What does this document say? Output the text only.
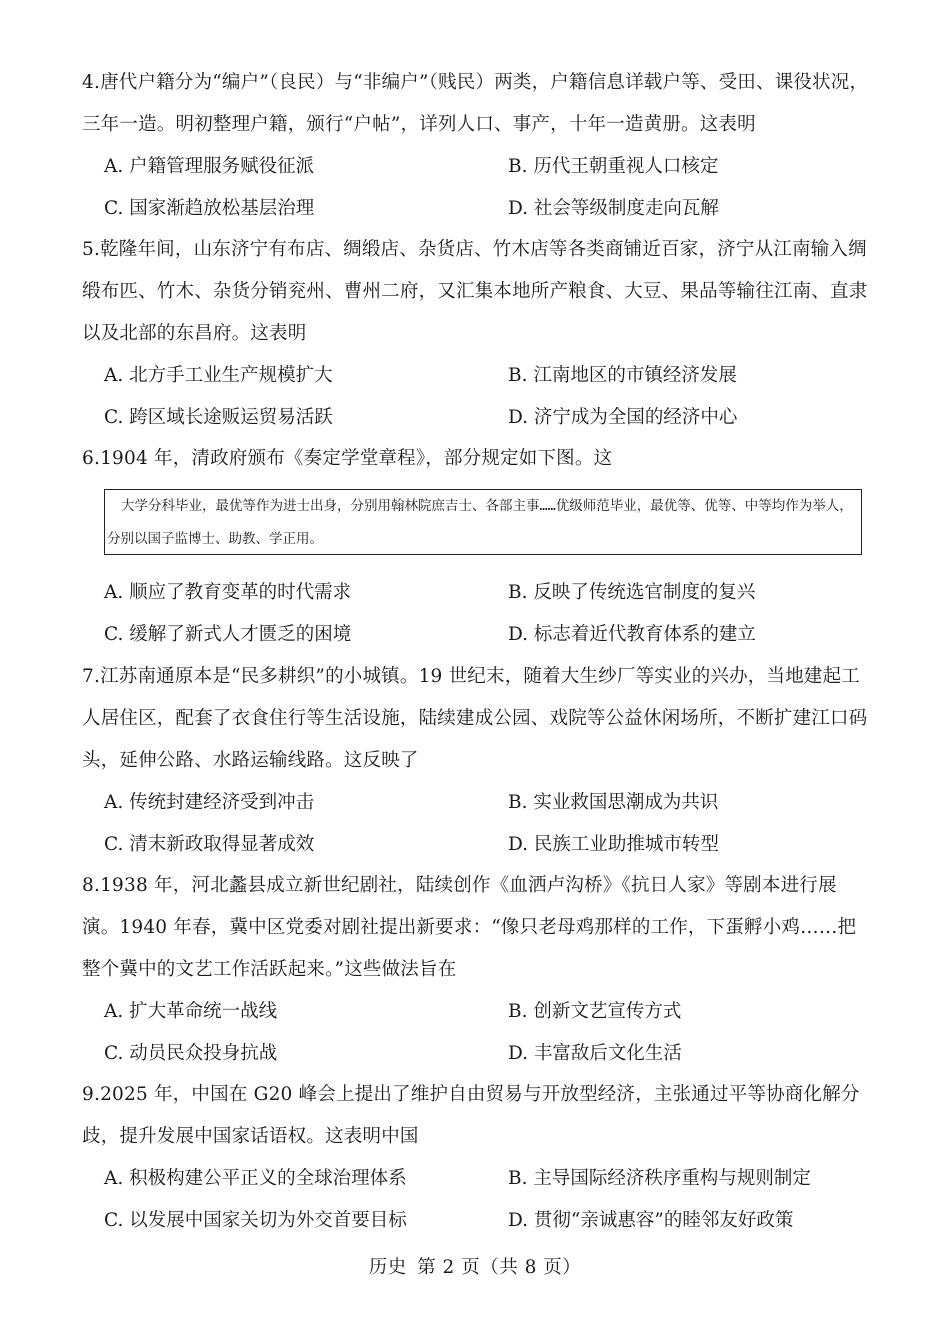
4.唐代户籍分为“编户”（良民）与“非编户”（贱民）两类，户籍信息详载户等、受田、课役状况，三年一造。明初整理户籍，颁行“户帖”，详列人口、事产，十年一造黄册。这表明
A. 户籍管理服务赋役征派	B. 历代王朝重视人口核定
C. 国家渐趋放松基层治理	D. 社会等级制度走向瓦解
5.乾隆年间，山东济宁有布店、绸缎店、杂货店、竹木店等各类商铺近百家，济宁从江南输入绸缎布匹、竹木、杂货分销兖州、曹州二府，又汇集本地所产粮食、大豆、果品等输往江南、直隶以及北部的东昌府。这表明
A. 北方手工业生产规模扩大	B. 江南地区的市镇经济发展
C. 跨区域长途贩运贸易活跃	D. 济宁成为全国的经济中心
6.1904 年，清政府颁布《奏定学堂章程》，部分规定如下图。这
大学分科毕业，最优等作为进士出身，分别用翰林院庶吉士、各部主事……优级师范毕业，最优等、优等、中等均作为举人，分别以国子监博士、助教、学正用。
A. 顺应了教育变革的时代需求	B. 反映了传统选官制度的复兴
C. 缓解了新式人才匮乏的困境	D. 标志着近代教育体系的建立
7.江苏南通原本是“民多耕织”的小城镇。19 世纪末，随着大生纱厂等实业的兴办，当地建起工人居住区，配套了衣食住行等生活设施，陆续建成公园、戏院等公益休闲场所，不断扩建江口码头，延伸公路、水路运输线路。这反映了
A. 传统封建经济受到冲击	B. 实业救国思潮成为共识
C. 清末新政取得显著成效	D. 民族工业助推城市转型
8.1938 年，河北蠡县成立新世纪剧社，陆续创作《血洒卢沟桥》《抗日人家》等剧本进行展演。1940 年春，冀中区党委对剧社提出新要求：“像只老母鸡那样的工作，下蛋孵小鸡……把整个冀中的文艺工作活跃起来。”这些做法旨在
A. 扩大革命统一战线	B. 创新文艺宣传方式
C. 动员民众投身抗战	D. 丰富敌后文化生活
9.2025 年，中国在 G20 峰会上提出了维护自由贸易与开放型经济，主张通过平等协商化解分歧，提升发展中国家话语权。这表明中国
A. 积极构建公平正义的全球治理体系	B. 主导国际经济秩序重构与规则制定
C. 以发展中国家关切为外交首要目标	D. 贯彻“亲诚惠容”的睦邻友好政策
历史 第 2 页（共 8 页）
